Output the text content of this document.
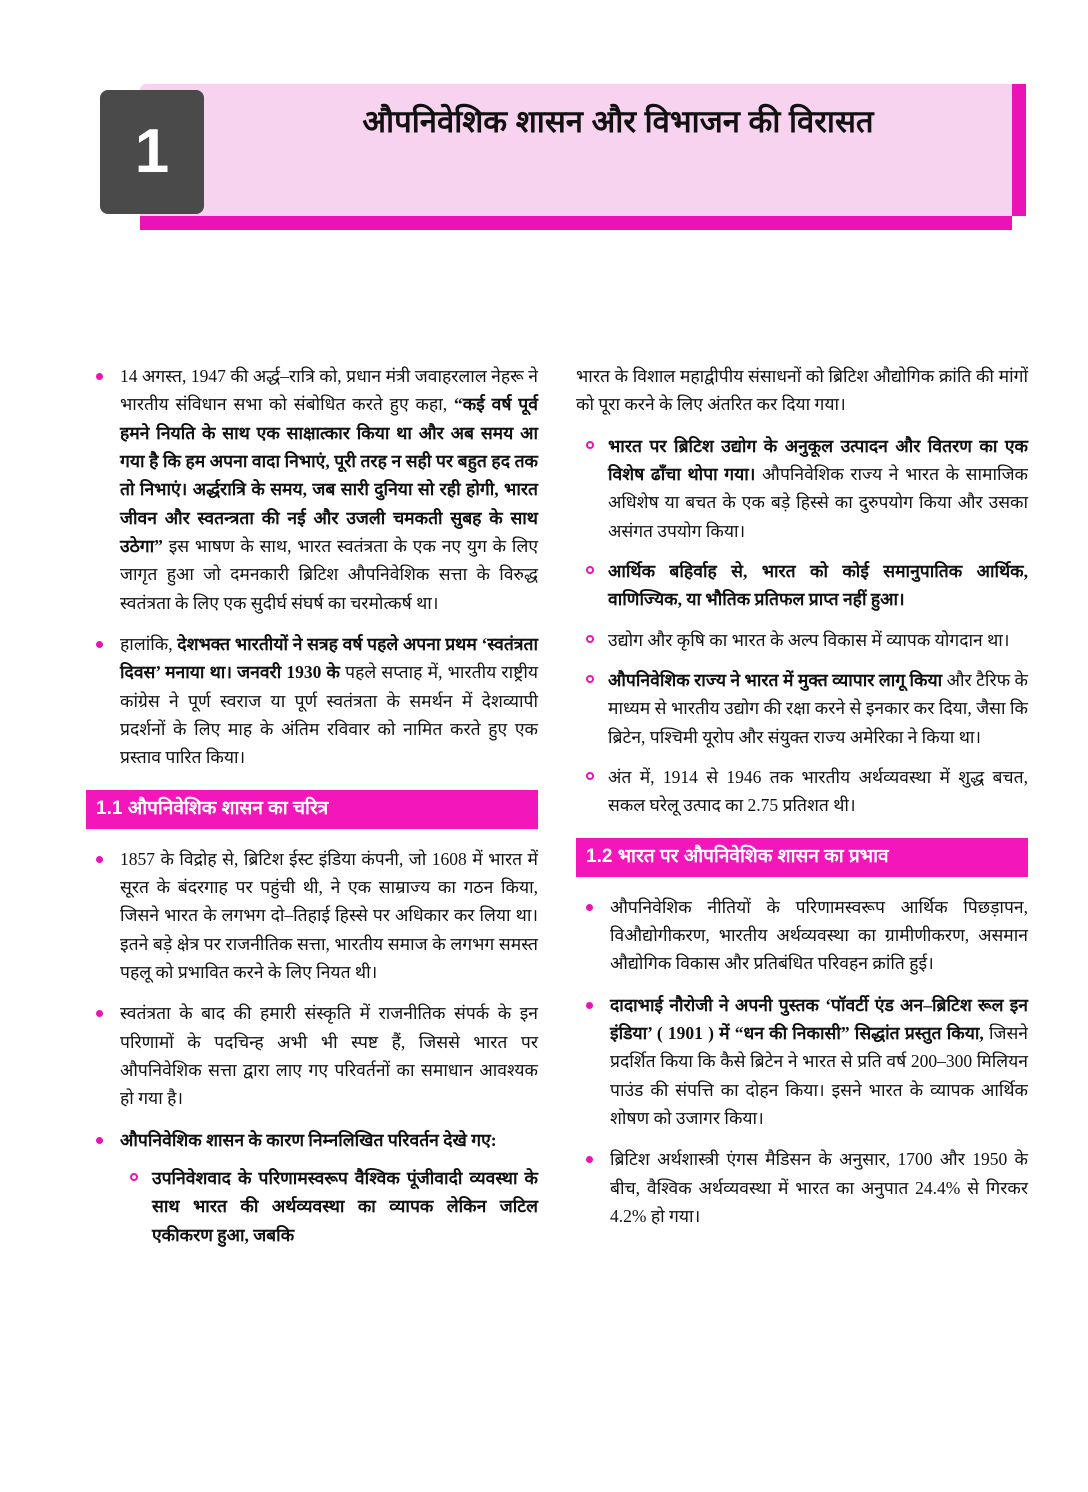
1	औपनिवेशिक शासन और विभाजन की विरासत
14 अगस्त, 1947 की अर्द्ध–रात्रि को, प्रधान मंत्री जवाहरलाल नेहरू ने भारतीय संविधान सभा को संबोधित करते हुए कहा, “कई वर्ष पूर्व हमने नियति के साथ एक साक्षात्कार किया था और अब समय आ गया है कि हम अपना वादा निभाएं, पूरी तरह न सही पर बहुत हद तक तो निभाएं। अर्द्धरात्रि के समय, जब सारी दुनिया सो रही होगी, भारत जीवन और स्वतन्त्रता की नई और उजली चमकती सुबह के साथ उठेगा” इस भाषण के साथ, भारत स्वतंत्रता के एक नए युग के लिए जागृत हुआ जो दमनकारी ब्रिटिश औपनिवेशिक सत्ता के विरुद्ध स्वतंत्रता के लिए एक सुदीर्घ संघर्ष का चरमोत्कर्ष था।
हालांकि, देशभक्त भारतीयों ने सत्रह वर्ष पहले अपना प्रथम ‘स्वतंत्रता दिवस’ मनाया था। जनवरी 1930 के पहले सप्ताह में, भारतीय राष्ट्रीय कांग्रेस ने पूर्ण स्वराज या पूर्ण स्वतंत्रता के समर्थन में देशव्यापी प्रदर्शनों के लिए माह के अंतिम रविवार को नामित करते हुए एक प्रस्ताव पारित किया।
1.1 औपनिवेशिक शासन का चरित्र
1857 के विद्रोह से, ब्रिटिश ईस्ट इंडिया कंपनी, जो 1608 में भारत में सूरत के बंदरगाह पर पहुंची थी, ने एक साम्राज्य का गठन किया, जिसने भारत के लगभग दो–तिहाई हिस्से पर अधिकार कर लिया था। इतने बड़े क्षेत्र पर राजनीतिक सत्ता, भारतीय समाज के लगभग समस्त पहलू को प्रभावित करने के लिए नियत थी।
स्वतंत्रता के बाद की हमारी संस्कृति में राजनीतिक संपर्क के इन परिणामों के पदचिन्ह अभी भी स्पष्ट हैं, जिससे भारत पर औपनिवेशिक सत्ता द्वारा लाए गए परिवर्तनों का समाधान आवश्यक हो गया है।
औपनिवेशिक शासन के कारण निम्नलिखित परिवर्तन देखे गए:
उपनिवेशवाद के परिणामस्वरूप वैश्विक पूंजीवादी व्यवस्था के साथ भारत की अर्थव्यवस्था का व्यापक लेकिन जटिल एकीकरण हुआ, जबकि

भारत के विशाल महाद्वीपीय संसाधनों को ब्रिटिश औद्योगिक क्रांति की मांगों को पूरा करने के लिए अंतरित कर दिया गया।

भारत पर ब्रिटिश उद्योग के अनुकूल उत्पादन और वितरण का एक विशेष ढाँचा थोपा गया। औपनिवेशिक राज्य ने भारत के सामाजिक अधिशेष या बचत के एक बड़े हिस्से का दुरुपयोग किया और उसका असंगत उपयोग किया।
आर्थिक बहिर्वाह से, भारत को कोई समानुपातिक आर्थिक, वाणिज्यिक, या भौतिक प्रतिफल प्राप्त नहीं हुआ।
उद्योग और कृषि का भारत के अल्प विकास में व्यापक योगदान था।
औपनिवेशिक राज्य ने भारत में मुक्त व्यापार लागू किया और टैरिफ के माध्यम से भारतीय उद्योग की रक्षा करने से इनकार कर दिया, जैसा कि ब्रिटेन, पश्चिमी यूरोप और संयुक्त राज्य अमेरिका ने किया था।
अंत में, 1914 से 1946 तक भारतीय अर्थव्यवस्था में शुद्ध बचत, सकल घरेलू उत्पाद का 2.75 प्रतिशत थी।
1.2 भारत पर औपनिवेशिक शासन का प्रभाव
औपनिवेशिक नीतियों के परिणामस्वरूप आर्थिक पिछड़ापन, विऔद्योगीकरण, भारतीय अर्थव्यवस्था का ग्रामीणीकरण, असमान औद्योगिक विकास और प्रतिबंधित परिवहन क्रांति हुई।
दादाभाई नौरोजी ने अपनी पुस्तक ‘पॉवर्टी एंड अन–ब्रिटिश रूल इन इंडिया’ ( 1901 ) में “धन की निकासी” सिद्धांत प्रस्तुत किया, जिसने प्रदर्शित किया कि कैसे ब्रिटेन ने भारत से प्रति वर्ष 200–300 मिलियन पाउंड की संपत्ति का दोहन किया। इसने भारत के व्यापक आर्थिक शोषण को उजागर किया।
ब्रिटिश अर्थशास्त्री एंगस मैडिसन के अनुसार, 1700 और 1950 के बीच, वैश्विक अर्थव्यवस्था में भारत का अनुपात 24.4% से गिरकर 4.2% हो गया।
